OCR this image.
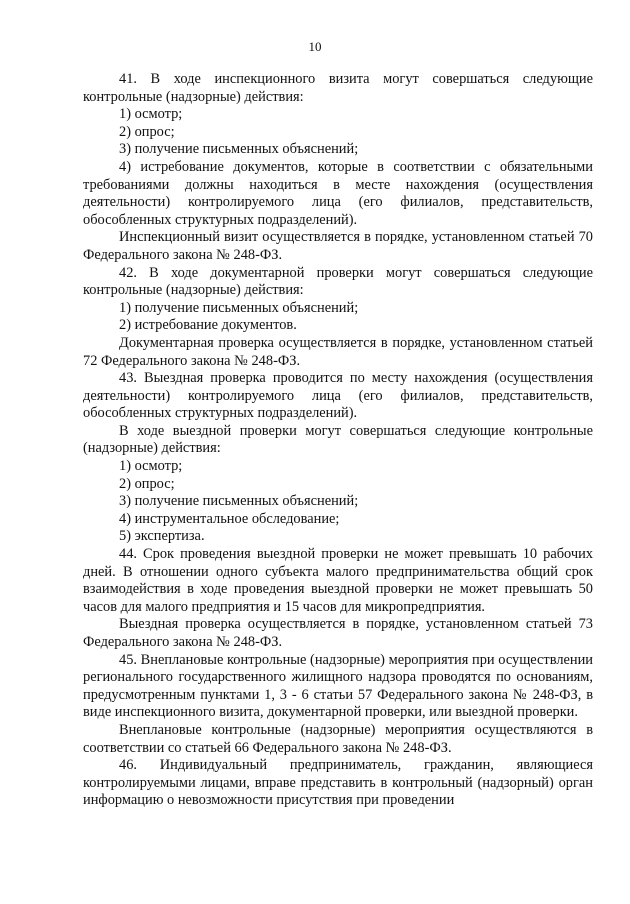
10

41. В ходе инспекционного визита могут совершаться следующие контрольные (надзорные) действия:

1) осмотр;

2) опрос;

3) получение письменных объяснений;

4) истребование документов, которые в соответствии с обязательными требованиями должны находиться в месте нахождения (осуществления деятельности) контролируемого лица (его филиалов, представительств, обособленных структурных подразделений).

Инспекционный визит осуществляется в порядке, установленном статьей 70 Федерального закона № 248-ФЗ.

42. В ходе документарной проверки могут совершаться следующие контрольные (надзорные) действия:

1) получение письменных объяснений;

2) истребование документов.

Документарная проверка осуществляется в порядке, установленном статьей 72 Федерального закона № 248-ФЗ.

43. Выездная проверка проводится по месту нахождения (осуществления деятельности) контролируемого лица (его филиалов, представительств, обособленных структурных подразделений).

В ходе выездной проверки могут совершаться следующие контрольные (надзорные) действия:

1) осмотр;

2) опрос;

3) получение письменных объяснений;

4) инструментальное обследование;

5) экспертиза.

44. Срок проведения выездной проверки не может превышать 10 рабочих дней. В отношении одного субъекта малого предпринимательства общий срок взаимодействия в ходе проведения выездной проверки не может превышать 50 часов для малого предприятия и 15 часов для микропредприятия.

Выездная проверка осуществляется в порядке, установленном статьей 73 Федерального закона № 248-ФЗ.

45. Внеплановые контрольные (надзорные) мероприятия при осуществлении регионального государственного жилищного надзора проводятся по основаниям, предусмотренным пунктами 1, 3 - 6 статьи 57 Федерального закона № 248-ФЗ, в виде инспекционного визита, документарной проверки, или выездной проверки.

Внеплановые контрольные (надзорные) мероприятия осуществляются в соответствии со статьей 66 Федерального закона № 248-ФЗ.

46. Индивидуальный предприниматель, гражданин, являющиеся контролируемыми лицами, вправе представить в контрольный (надзорный) орган информацию о невозможности присутствия при проведении
